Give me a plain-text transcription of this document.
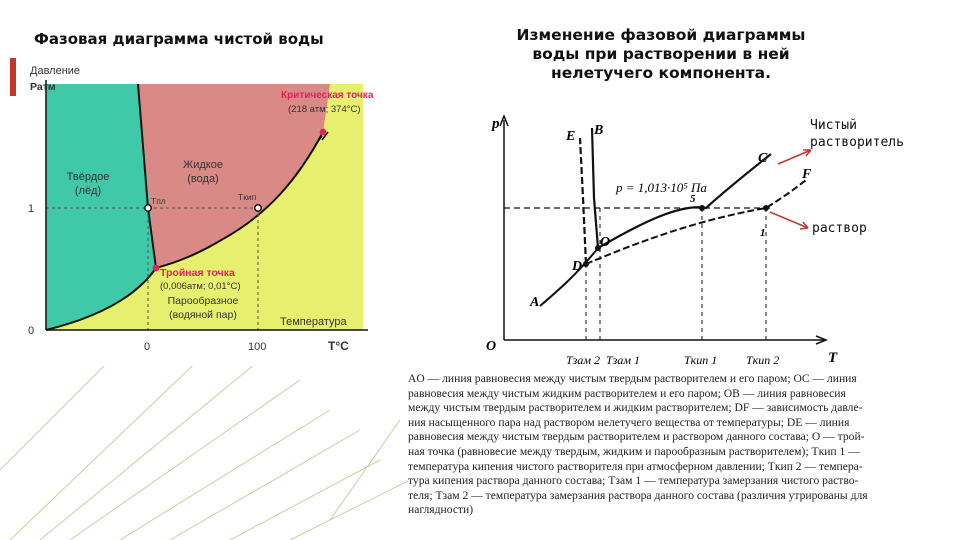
Фазовая диаграмма чистой воды	Изменение фазовой диаграммы
воды при растворении в ней
нелетучего компонента.
Давление
Ратм
1
0
0	100
Температура
T°C
Твёрдое
(лёд)
Жидкое
(вода)
Парообразное
(водяной пар)
Критическая точка
(218 атм; 374°C)
Тройная точка
(0,006атм; 0,01°C)
Tпл	Tкип
p
T
O
A
B
C
D
E
F
O
1
5
p = 1,013·10⁵ Па
Tзам 2 Tзам 1	Tкип 1 Tкип 2
Чистый
растворитель
раствор
AO — линия равновесия между чистым твердым растворителем и его паром; OC — линия
равновесия между чистым жидким растворителем и его паром; OB — линия равновесия
между чистым твердым растворителем и жидким растворителем; DF — зависимость давле-
ния насыщенного пара над раствором нелетучего вещества от температуры; DE — линия
равновесия между чистым твердым растворителем и раствором данного состава; O — трой-
ная точка (равновесие между твердым, жидким и парообразным растворителем); Tкип 1 —
температура кипения чистого растворителя при атмосферном давлении; Tкип 2 — темпера-
тура кипения раствора данного состава; Tзам 1 — температура замерзания чистого раство-
теля; Tзам 2 — температура замерзания раствора данного состава (различия утрированы для
наглядности)
